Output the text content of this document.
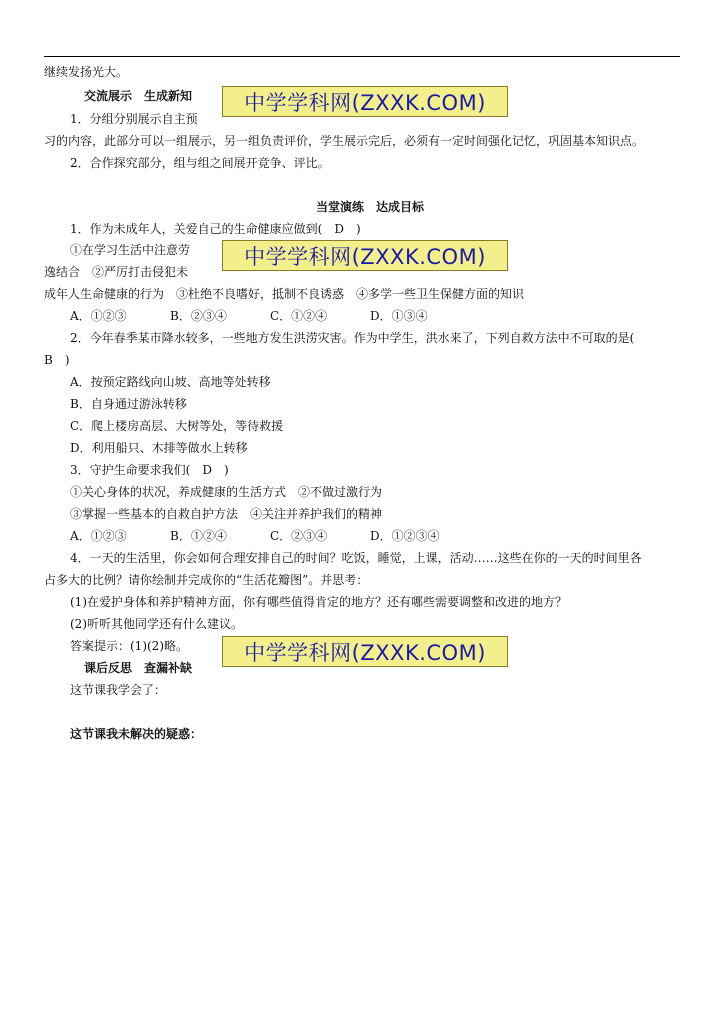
继续发扬光大。
交流展示　生成新知	中学学科网(ZXXK.COM)
1．分组分别展示自主预
习的内容，此部分可以一组展示，另一组负责评价，学生展示完后，必须有一定时间强化记忆，巩固基本知识点。
2．合作探究部分，组与组之间展开竞争、评比。
当堂演练　达成目标
1．作为未成年人，关爱自己的生命健康应做到(　D　)
①在学习生活中注意劳	中学学科网(ZXXK.COM)
逸结合　②严厉打击侵犯未
成年人生命健康的行为　③杜绝不良嗜好，抵制不良诱惑　④多学一些卫生保健方面的知识
A．①②③	B．②③④	C．①②④	D．①③④
2．今年春季某市降水较多，一些地方发生洪涝灾害。作为中学生，洪水来了，下列自救方法中不可取的是(
B　)
A．按预定路线向山坡、高地等处转移
B．自身通过游泳转移
C．爬上楼房高层、大树等处，等待救援
D．利用船只、木排等做水上转移
3．守护生命要求我们(　D　)
①关心身体的状况，养成健康的生活方式　②不做过激行为
③掌握一些基本的自救自护方法　④关注并养护我们的精神
A．①②③	B．①②④	C．②③④	D．①②③④
4．一天的生活里，你会如何合理安排自己的时间？吃饭，睡觉，上课，活动……这些在你的一天的时间里各
占多大的比例？请你绘制并完成你的“生活花瓣图”。并思考：
(1)在爱护身体和养护精神方面，你有哪些值得肯定的地方？还有哪些需要调整和改进的地方？
(2)听听其他同学还有什么建议。
答案提示：(1)(2)略。	中学学科网(ZXXK.COM)
课后反思　查漏补缺
这节课我学会了：
这节课我未解决的疑惑：
